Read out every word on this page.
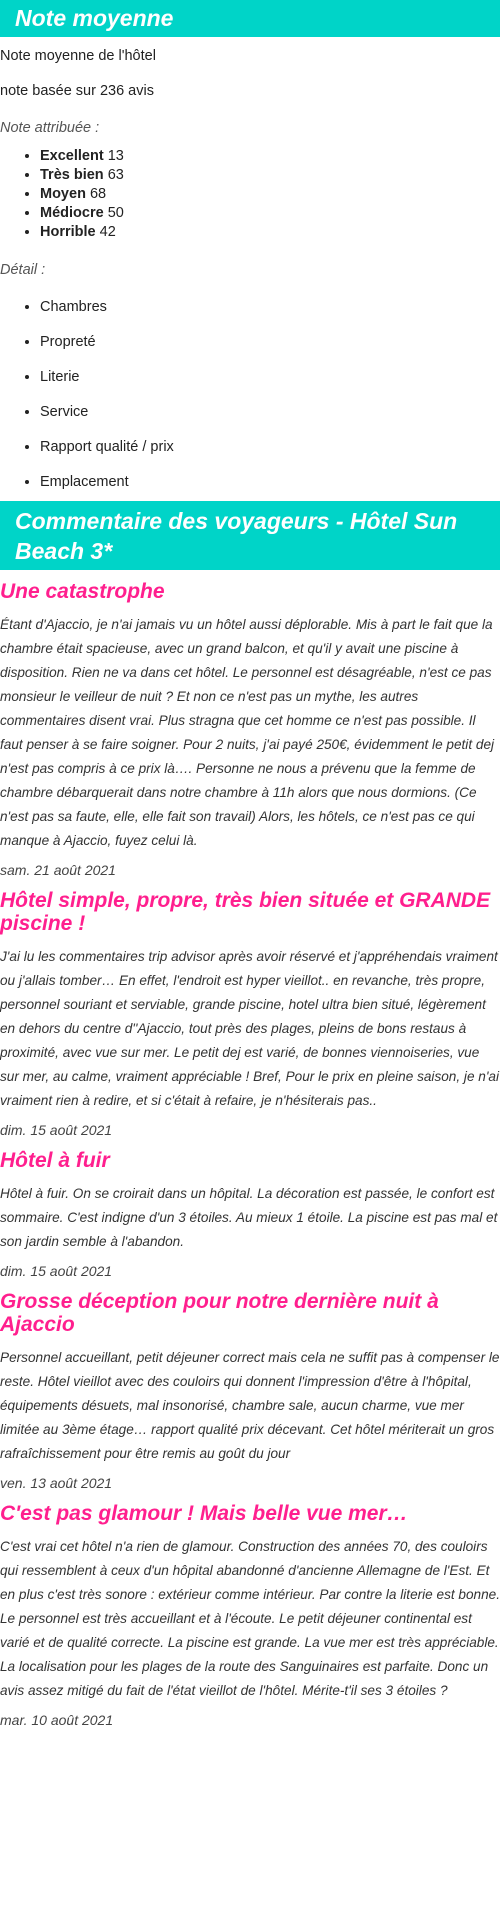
Note moyenne

Note moyenne de l'hôtel

note basée sur 236 avis

Note attribuée :

• Excellent 13
• Très bien 63
• Moyen 68
• Médiocre 50
• Horrible 42

Détail :

• Chambres
• Propreté
• Literie
• Service
• Rapport qualité / prix
• Emplacement
Commentaire des voyageurs - Hôtel Sun Beach 3*
Une catastrophe

Étant d'Ajaccio, je n'ai jamais vu un hôtel aussi déplorable. Mis à part le fait que la chambre était spacieuse, avec un grand balcon, et qu'il y avait une piscine à disposition. Rien ne va dans cet hôtel. Le personnel est désagréable, n'est ce pas monsieur le veilleur de nuit ? Et non ce n'est pas un mythe, les autres commentaires disent vrai. Plus stragna que cet homme ce n'est pas possible. Il faut penser à se faire soigner. Pour 2 nuits, j'ai payé 250€, évidemment le petit dej n'est pas compris à ce prix là…. Personne ne nous a prévenu que la femme de chambre débarquerait dans notre chambre à 11h alors que nous dormions. (Ce n'est pas sa faute, elle, elle fait son travail) Alors, les hôtels, ce n'est pas ce qui manque à Ajaccio, fuyez celui là.

sam. 21 août 2021

Hôtel simple, propre, très bien située et GRANDE piscine !

J'ai lu les commentaires trip advisor après avoir réservé et j'appréhendais vraiment ou j'allais tomber… En effet, l'endroit est hyper vieillot.. en revanche, très propre, personnel souriant et serviable, grande piscine, hotel ultra bien situé, légèrement en dehors du centre d''Ajaccio, tout près des plages, pleins de bons restaus à proximité, avec vue sur mer. Le petit dej est varié, de bonnes viennoiseries, vue sur mer, au calme, vraiment appréciable ! Bref, Pour le prix en pleine saison, je n'ai vraiment rien à redire, et si c'était à refaire, je n'hésiterais pas..

dim. 15 août 2021

Hôtel à fuir

Hôtel à fuir. On se croirait dans un hôpital. La décoration est passée, le confort est sommaire. C'est indigne d'un 3 étoiles. Au mieux 1 étoile. La piscine est pas mal et son jardin semble à l'abandon.

dim. 15 août 2021

Grosse déception pour notre dernière nuit à Ajaccio

Personnel accueillant, petit déjeuner correct mais cela ne suffit pas à compenser le reste. Hôtel vieillot avec des couloirs qui donnent l'impression d'être à l'hôpital, équipements désuets, mal insonorisé, chambre sale, aucun charme, vue mer limitée au 3ème étage… rapport qualité prix décevant. Cet hôtel mériterait un gros rafraîchissement pour être remis au goût du jour

ven. 13 août 2021

C'est pas glamour ! Mais belle vue mer…

C'est vrai cet hôtel n'a rien de glamour. Construction des années 70, des couloirs qui ressemblent à ceux d'un hôpital abandonné d'ancienne Allemagne de l'Est. Et en plus c'est très sonore : extérieur comme intérieur. Par contre la literie est bonne. Le personnel est très accueillant et à l'écoute. Le petit déjeuner continental est varié et de qualité correcte. La piscine est grande. La vue mer est très appréciable. La localisation pour les plages de la route des Sanguinaires est parfaite. Donc un avis assez mitigé du fait de l'état vieillot de l'hôtel. Mérite-t'il ses 3 étoiles ?

mar. 10 août 2021
